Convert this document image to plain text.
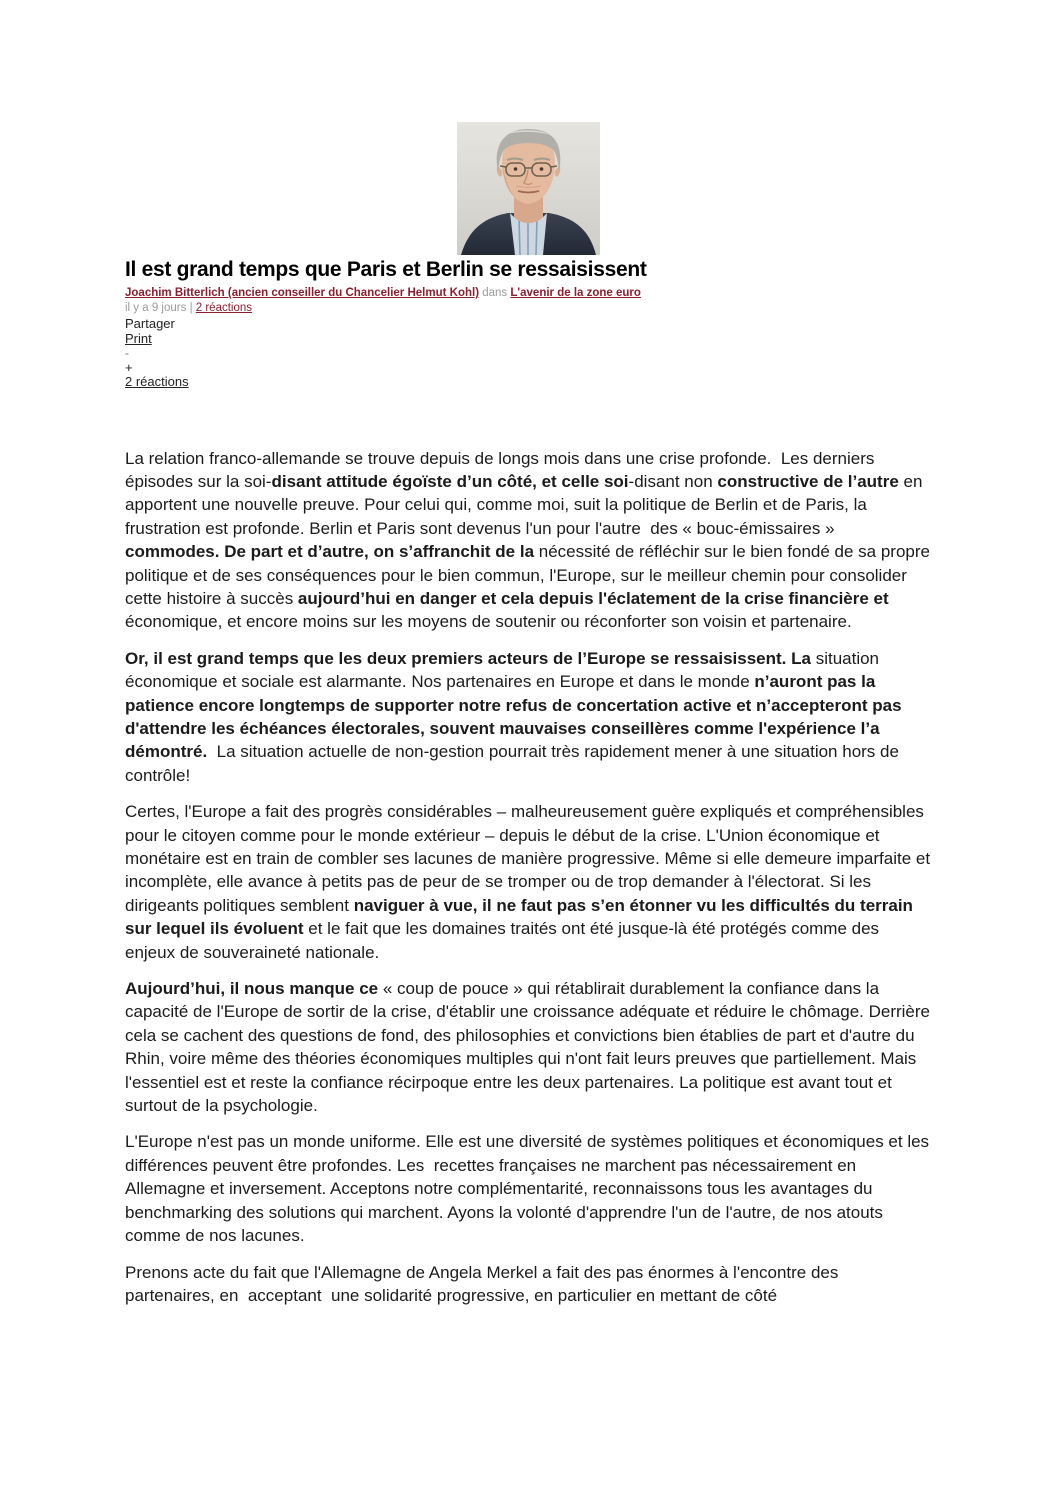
Il est grand temps que Paris et Berlin se ressaisissent
Joachim Bitterlich (ancien conseiller du Chancelier Helmut Kohl) dans L'avenir de la zone euro
il y a 9 jours | 2 réactions
Partager
Print
-
+
2 réactions

La relation franco-allemande se trouve depuis de longs mois dans une crise profonde.  Les derniers épisodes sur la soi-disant attitude égoïste d’un côté, et celle soi-disant non constructive de l’autre en apportent une nouvelle preuve. Pour celui qui, comme moi, suit la politique de Berlin et de Paris, la frustration est profonde. Berlin et Paris sont devenus l'un pour l'autre  des « bouc-émissaires » commodes. De part et d’autre, on s’affranchit de la nécessité de réfléchir sur le bien fondé de sa propre politique et de ses conséquences pour le bien commun, l'Europe, sur le meilleur chemin pour consolider cette histoire à succès aujourd’hui en danger et cela depuis l'éclatement de la crise financière et économique, et encore moins sur les moyens de soutenir ou réconforter son voisin et partenaire.

Or, il est grand temps que les deux premiers acteurs de l’Europe se ressaisissent. La situation économique et sociale est alarmante. Nos partenaires en Europe et dans le monde n’auront pas la patience encore longtemps de supporter notre refus de concertation active et n’accepteront pas d'attendre les échéances électorales, souvent mauvaises conseillères comme l'expérience l’a démontré.  La situation actuelle de non-gestion pourrait très rapidement mener à une situation hors de contrôle!

Certes, l'Europe a fait des progrès considérables – malheureusement guère expliqués et compréhensibles pour le citoyen comme pour le monde extérieur – depuis le début de la crise. L'Union économique et monétaire est en train de combler ses lacunes de manière progressive. Même si elle demeure imparfaite et incomplète, elle avance à petits pas de peur de se tromper ou de trop demander à l'électorat. Si les dirigeants politiques semblent naviguer à vue, il ne faut pas s’en étonner vu les difficultés du terrain sur lequel ils évoluent et le fait que les domaines traités ont été jusque-là été protégés comme des enjeux de souveraineté nationale.

Aujourd’hui, il nous manque ce « coup de pouce » qui rétablirait durablement la confiance dans la capacité de l'Europe de sortir de la crise, d'établir une croissance adéquate et réduire le chômage. Derrière cela se cachent des questions de fond, des philosophies et convictions bien établies de part et d'autre du Rhin, voire même des théories économiques multiples qui n'ont fait leurs preuves que partiellement. Mais l'essentiel est et reste la confiance récirpoque entre les deux partenaires. La politique est avant tout et surtout de la psychologie.

L'Europe n'est pas un monde uniforme. Elle est une diversité de systèmes politiques et économiques et les différences peuvent être profondes. Les  recettes françaises ne marchent pas nécessairement en Allemagne et inversement. Acceptons notre complémentarité, reconnaissons tous les avantages du benchmarking des solutions qui marchent. Ayons la volonté d'apprendre l'un de l'autre, de nos atouts comme de nos lacunes.

Prenons acte du fait que l'Allemagne de Angela Merkel a fait des pas énormes à l'encontre des partenaires, en  acceptant  une solidarité progressive, en particulier en mettant de côté
